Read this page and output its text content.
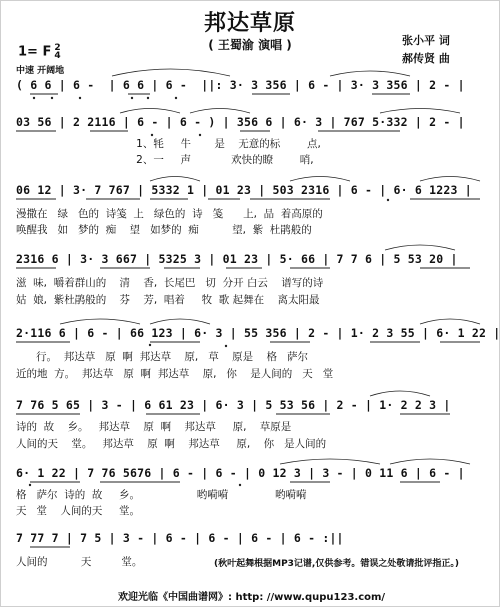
邦达草原
( 王蜀渝 演唱 )	张小平 词
郝传贤 曲
1= F 2
4
中速 开阔地
( 6 6 | 6 -  | 6 6 | 6 -  ||: 3· 3 356 | 6 - | 3· 3 356 | 2 - |
03 56 | 2 2116 | 6 - | 6 - ) | 356 6 | 6· 3 | 767 5·332 | 2 - |
1、牦     牛       是    无意的标        点,
2、一     声            欢快的瞭        哨,
06 12 | 3· 7 767 | 5332 1 | 01 23 | 503 2316 | 6 - | 6· 6 1223 |
漫撒在   绿   色的  诗笺  上   绿色的  诗   笺      上,  品  着高原的
唤醒我   如   梦的  痴    望   如梦的  痴          望,  紫  杜鹃般的
2316 6 | 3· 3 667 | 5325 3 | 01 23 | 5· 66 | 7 7 6 | 5 53 20 |
滋  味,  嚼着群山的    清    香,  长尾巴   切  分开 白云    谱写的诗
姑  娘,  紫杜鹃般的    芬    芳,  唱着     牧  歌 起舞在    离太阳最
2·116 6 | 6 - | 66 123 | 6· 3 | 55 356 | 2 - | 1· 2 3 55 | 6· 1 22 |
行。  邦达草   原  啊  邦达草    原,   草    原是    格   萨尔
近的地  方。  邦达草   原  啊  邦达草    原,   你    是人间的   天   堂
7 76 5 65 | 3 - | 6 61 23 | 6· 3 | 5 53 56 | 2 - | 1· 2 2 3 |
诗的  故    乡。   邦达草    原  啊    邦达草     原,    草原是
人间的天    堂。   邦达草    原  啊    邦达草     原,    你   是人间的
6· 1 22 | 7 76 5676 | 6 - | 6 - | 0 12 3 | 3 - | 0 11 6 | 6 - |
格   萨尔  诗的  故     乡。                 哟嗬嗬              哟嗬嗬
天   堂    人间的天     堂。
7 77 7 | 7 5 | 3 - | 6 - | 6 - | 6 - | 6 - :||
人间的          天         堂。	(秋叶起舞根据MP3记谱,仅供参考。错误之处敬请批评指正。)
欢迎光临《中国曲谱网》: http: //www.qupu123.com/
